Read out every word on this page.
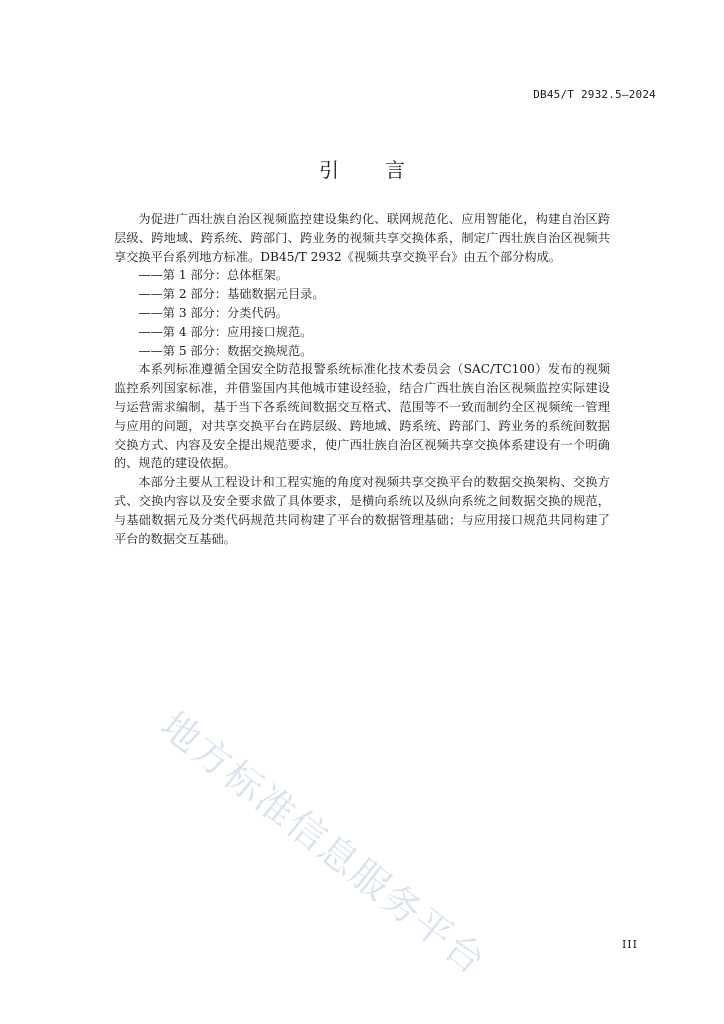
DB45/T 2932.5—2024
引言

为促进广西壮族自治区视频监控建设集约化、联网规范化、应用智能化，构建自治区跨层级、跨地域、跨系统、跨部门、跨业务的视频共享交换体系，制定广西壮族自治区视频共享交换平台系列地方标准。DB45/T 2932《视频共享交换平台》由五个部分构成。

——第 1 部分：总体框架。

——第 2 部分：基础数据元目录。

——第 3 部分：分类代码。

——第 4 部分：应用接口规范。

——第 5 部分：数据交换规范。

本系列标准遵循全国安全防范报警系统标准化技术委员会（SAC/TC100）发布的视频监控系列国家标准，并借鉴国内其他城市建设经验，结合广西壮族自治区视频监控实际建设与运营需求编制，基于当下各系统间数据交互格式、范围等不一致而制约全区视频统一管理与应用的问题，对共享交换平台在跨层级、跨地域、跨系统、跨部门、跨业务的系统间数据交换方式、内容及安全提出规范要求，使广西壮族自治区视频共享交换体系建设有一个明确的、规范的建设依据。

本部分主要从工程设计和工程实施的角度对视频共享交换平台的数据交换架构、交换方式、交换内容以及安全要求做了具体要求，是横向系统以及纵向系统之间数据交换的规范，与基础数据元及分类代码规范共同构建了平台的数据管理基础；与应用接口规范共同构建了平台的数据交互基础。

地方标准信息服务平台	III
